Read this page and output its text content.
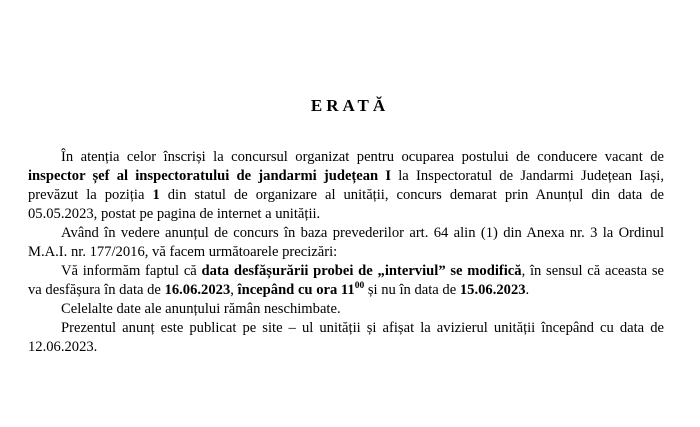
ERATĂ

În atenția celor înscriși la concursul organizat pentru ocuparea postului de conducere vacant de inspector șef al inspectoratului de jandarmi județean I la Inspectoratul de Jandarmi Județean Iași, prevăzut la poziția 1 din statul de organizare al unității, concurs demarat prin Anunțul din data de 05.05.2023, postat pe pagina de internet a unității.

Având în vedere anunțul de concurs în baza prevederilor art. 64 alin (1) din Anexa nr. 3 la Ordinul M.A.I. nr. 177/2016, vă facem următoarele precizări:

Vă informăm faptul că data desfășurării probei de „interviul” se modifică, în sensul că aceasta se va desfășura în data de 16.06.2023, începând cu ora $11^{00}$ și nu în data de 15.06.2023.

Celelalte date ale anunțului rămân neschimbate.

Prezentul anunț este publicat pe site – ul unității și afișat la avizierul unității începând cu data de 12.06.2023.
